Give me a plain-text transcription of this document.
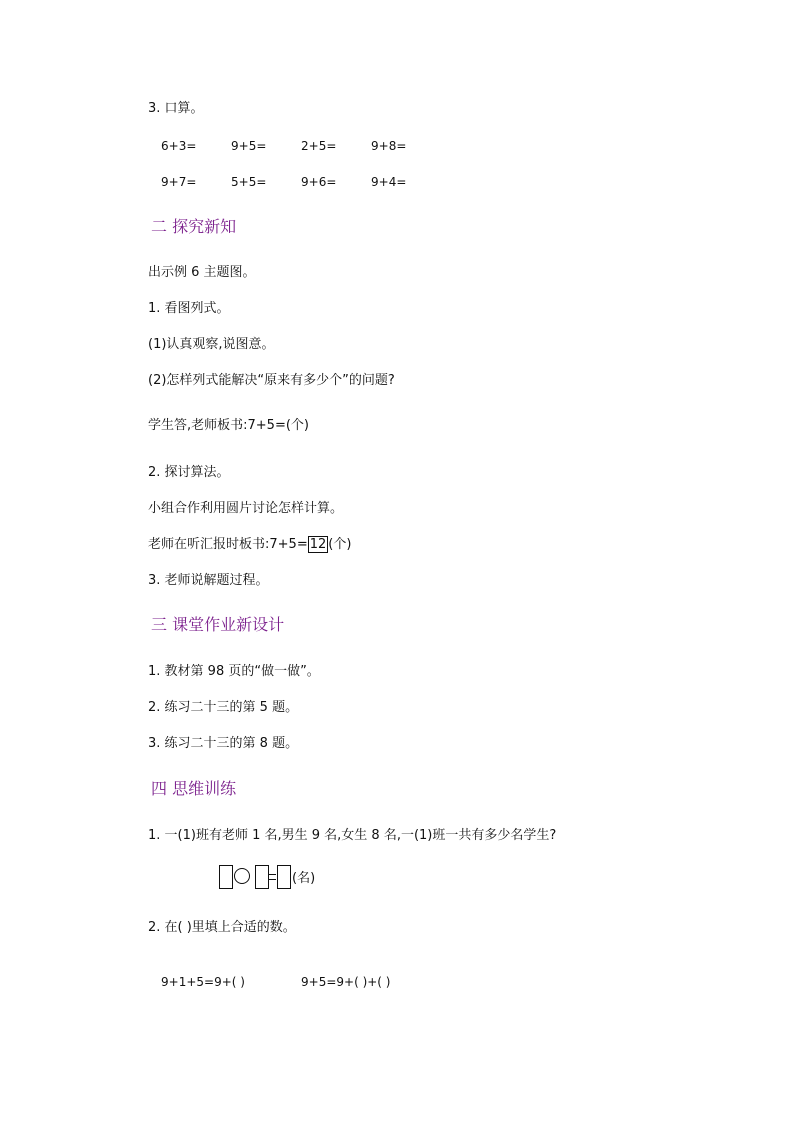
3. 口算。
6+3=	9+5=	2+5=	9+8=
9+7=	5+5=	9+6=	9+4=
二 探究新知
出示例 6 主题图。
1. 看图列式。
(1)认真观察,说图意。
(2)怎样列式能解决“原来有多少个”的问题?
学生答,老师板书:7+5=(个)
2. 探讨算法。
小组合作利用圆片讨论怎样计算。
老师在听汇报时板书:7+5= 12 (个)
3. 老师说解题过程。
三 课堂作业新设计
1. 教材第 98 页的“做一做”。
2. 练习二十三的第 5 题。
3. 练习二十三的第 8 题。
四 思维训练
1. 一(1)班有老师 1 名,男生 9 名,女生 8 名,一(1)班一共有多少名学生?
(名)
2. 在( )里填上合适的数。
9+1+5=9+( )	9+5=9+( )+( )
